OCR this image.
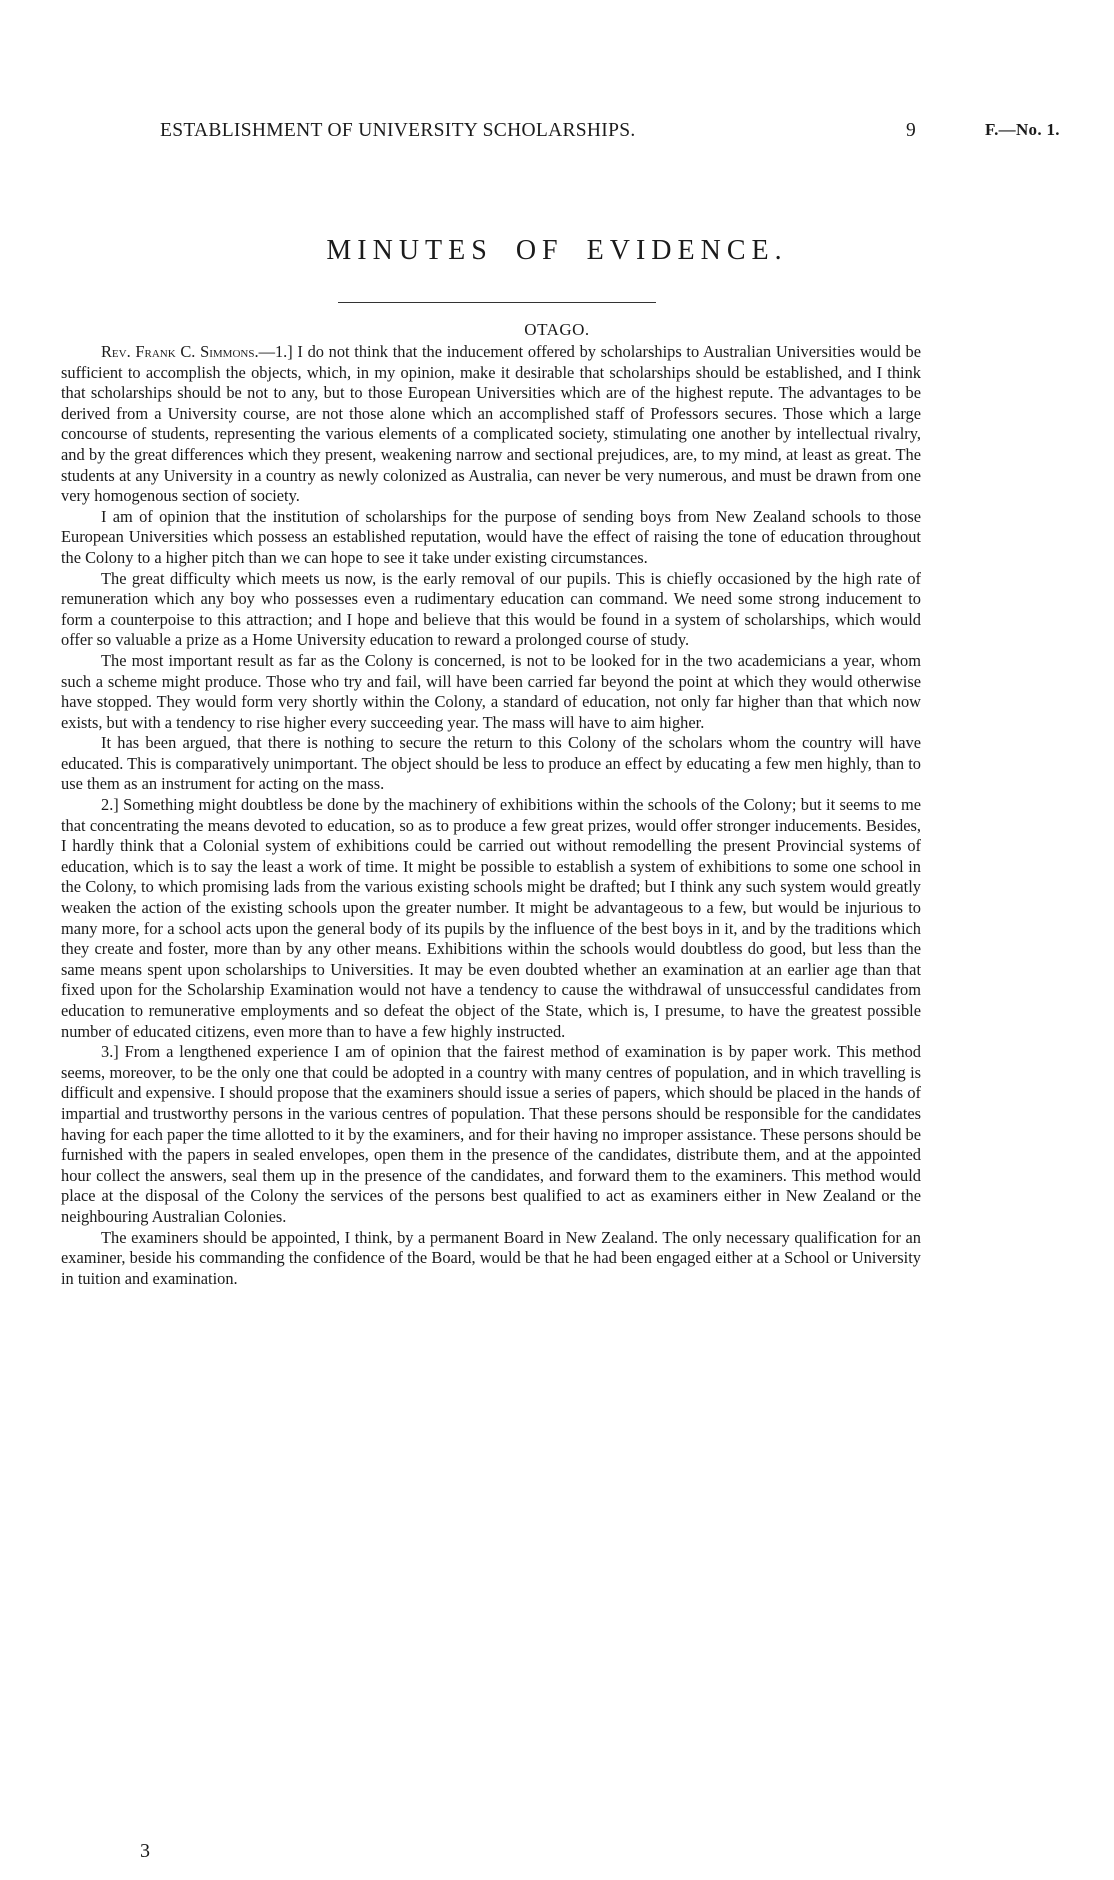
ESTABLISHMENT OF UNIVERSITY SCHOLARSHIPS.	9	F.—No. 1.
MINUTES OF EVIDENCE.
OTAGO.

Rev. Frank C. Simmons.—1.] I do not think that the inducement offered by scholarships to Australian Universities would be sufficient to accomplish the objects, which, in my opinion, make it desirable that scholarships should be established, and I think that scholarships should be not to any, but to those European Universities which are of the highest repute. The advantages to be derived from a University course, are not those alone which an accomplished staff of Professors secures. Those which a large concourse of students, representing the various elements of a complicated society, stimulating one another by intellectual rivalry, and by the great differences which they present, weakening narrow and sectional prejudices, are, to my mind, at least as great. The students at any University in a country as newly colonized as Australia, can never be very numerous, and must be drawn from one very homogenous section of society.

I am of opinion that the institution of scholarships for the purpose of sending boys from New Zealand schools to those European Universities which possess an established reputation, would have the effect of raising the tone of education throughout the Colony to a higher pitch than we can hope to see it take under existing circumstances.

The great difficulty which meets us now, is the early removal of our pupils. This is chiefly occasioned by the high rate of remuneration which any boy who possesses even a rudimentary education can command. We need some strong inducement to form a counterpoise to this attraction; and I hope and believe that this would be found in a system of scholarships, which would offer so valuable a prize as a Home University education to reward a prolonged course of study.

The most important result as far as the Colony is concerned, is not to be looked for in the two academicians a year, whom such a scheme might produce. Those who try and fail, will have been carried far beyond the point at which they would otherwise have stopped. They would form very shortly within the Colony, a standard of education, not only far higher than that which now exists, but with a tendency to rise higher every succeeding year. The mass will have to aim higher.

It has been argued, that there is nothing to secure the return to this Colony of the scholars whom the country will have educated. This is comparatively unimportant. The object should be less to produce an effect by educating a few men highly, than to use them as an instrument for acting on the mass.

2.] Something might doubtless be done by the machinery of exhibitions within the schools of the Colony; but it seems to me that concentrating the means devoted to education, so as to produce a few great prizes, would offer stronger inducements. Besides, I hardly think that a Colonial system of exhibitions could be carried out without remodelling the present Provincial systems of education, which is to say the least a work of time. It might be possible to establish a system of exhibitions to some one school in the Colony, to which promising lads from the various existing schools might be drafted; but I think any such system would greatly weaken the action of the existing schools upon the greater number. It might be advantageous to a few, but would be injurious to many more, for a school acts upon the general body of its pupils by the influence of the best boys in it, and by the traditions which they create and foster, more than by any other means. Exhibitions within the schools would doubtless do good, but less than the same means spent upon scholarships to Universities. It may be even doubted whether an examination at an earlier age than that fixed upon for the Scholarship Examination would not have a tendency to cause the withdrawal of unsuccessful candidates from education to remunerative employments and so defeat the object of the State, which is, I presume, to have the greatest possible number of educated citizens, even more than to have a few highly instructed.

3.] From a lengthened experience I am of opinion that the fairest method of examination is by paper work. This method seems, moreover, to be the only one that could be adopted in a country with many centres of population, and in which travelling is difficult and expensive. I should propose that the examiners should issue a series of papers, which should be placed in the hands of impartial and trustworthy persons in the various centres of population. That these persons should be responsible for the candidates having for each paper the time allotted to it by the examiners, and for their having no improper assistance. These persons should be furnished with the papers in sealed envelopes, open them in the presence of the candidates, distribute them, and at the appointed hour collect the answers, seal them up in the presence of the candidates, and forward them to the examiners. This method would place at the disposal of the Colony the services of the persons best qualified to act as examiners either in New Zealand or the neighbouring Australian Colonies.

The examiners should be appointed, I think, by a permanent Board in New Zealand. The only necessary qualification for an examiner, beside his commanding the confidence of the Board, would be that he had been engaged either at a School or University in tuition and examination.

3
